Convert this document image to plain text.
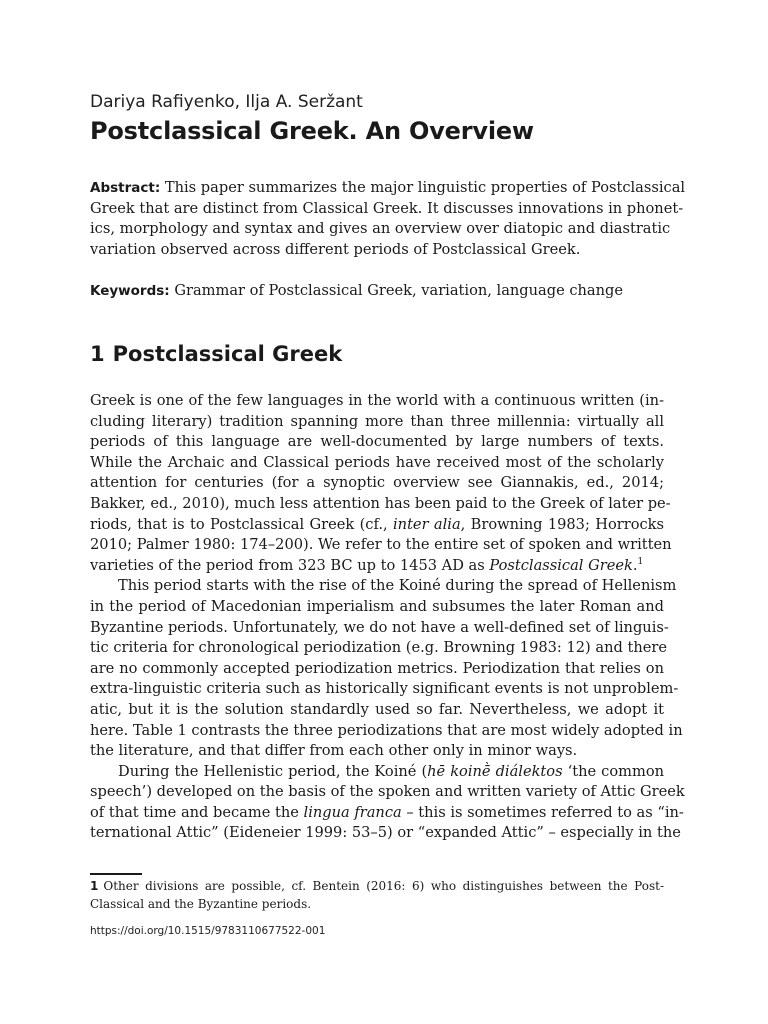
Dariya Rafiyenko, Ilja A. Seržant
Postclassical Greek. An Overview
Abstract: This paper summarizes the major linguistic properties of Postclassical
Greek that are distinct from Classical Greek. It discusses innovations in phonet-
ics, morphology and syntax and gives an overview over diatopic and diastratic
variation observed across different periods of Postclassical Greek.
Keywords: Grammar of Postclassical Greek, variation, language change
1 Postclassical Greek
Greek is one of the few languages in the world with a continuous written (in-
cluding literary) tradition spanning more than three millennia: virtually all
periods of this language are well-documented by large numbers of texts.
While the Archaic and Classical periods have received most of the scholarly
attention for centuries (for a synoptic overview see Giannakis, ed., 2014;
Bakker, ed., 2010), much less attention has been paid to the Greek of later pe-
riods, that is to Postclassical Greek (cf., inter alia, Browning 1983; Horrocks
2010; Palmer 1980: 174–200). We refer to the entire set of spoken and written
varieties of the period from 323 BC up to 1453 AD as Postclassical Greek.$^1$
This period starts with the rise of the Koiné during the spread of Hellenism
in the period of Macedonian imperialism and subsumes the later Roman and
Byzantine periods. Unfortunately, we do not have a well-defined set of linguis-
tic criteria for chronological periodization (e.g. Browning 1983: 12) and there
are no commonly accepted periodization metrics. Periodization that relies on
extra-linguistic criteria such as historically significant events is not unproblem-
atic, but it is the solution standardly used so far. Nevertheless, we adopt it
here. Table 1 contrasts the three periodizations that are most widely adopted in
the literature, and that differ from each other only in minor ways.
During the Hellenistic period, the Koiné (hē koinḕ diálektos ‘the common
speech’) developed on the basis of the spoken and written variety of Attic Greek
of that time and became the lingua franca – this is sometimes referred to as “in-
ternational Attic” (Eideneier 1999: 53–5) or “expanded Attic” – especially in the
1 Other divisions are possible, cf. Bentein (2016: 6) who distinguishes between the Post-
Classical and the Byzantine periods.
https://doi.org/10.1515/9783110677522-001
